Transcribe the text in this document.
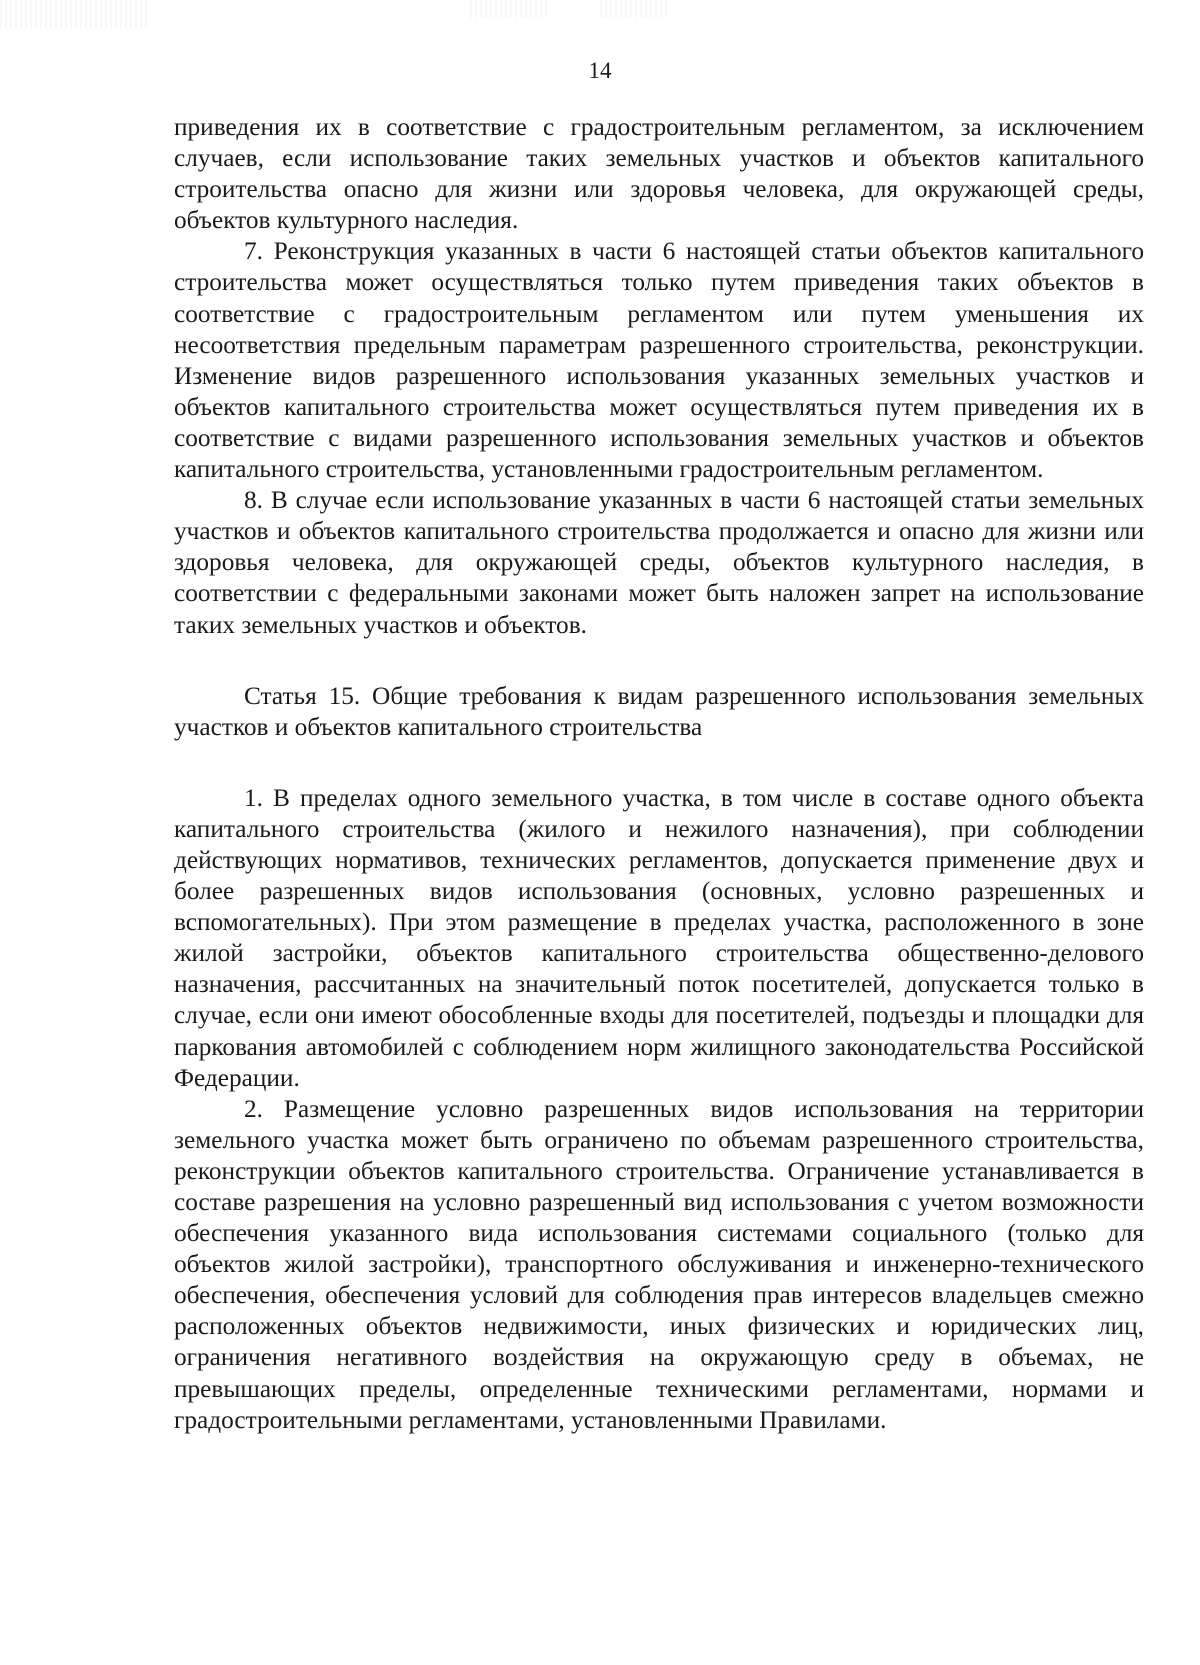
14

приведения их в соответствие с градостроительным регламентом, за исключением случаев, если использование таких земельных участков и объектов капитального строительства опасно для жизни или здоровья человека, для окружающей среды, объектов культурного наследия.

7. Реконструкция указанных в части 6 настоящей статьи объектов капитального строительства может осуществляться только путем приведения таких объектов в соответствие с градостроительным регламентом или путем уменьшения их несоответствия предельным параметрам разрешенного строительства, реконструкции. Изменение видов разрешенного использования указанных земельных участков и объектов капитального строительства может осуществляться путем приведения их в соответствие с видами разрешенного использования земельных участков и объектов капитального строительства, установленными градостроительным регламентом.

8. В случае если использование указанных в части 6 настоящей статьи земельных участков и объектов капитального строительства продолжается и опасно для жизни или здоровья человека, для окружающей среды, объектов культурного наследия, в соответствии с федеральными законами может быть наложен запрет на использование таких земельных участков и объектов.

Статья 15. Общие требования к видам разрешенного использования земельных участков и объектов капитального строительства

1. В пределах одного земельного участка, в том числе в составе одного объекта капитального строительства (жилого и нежилого назначения), при соблюдении действующих нормативов, технических регламентов, допускается применение двух и более разрешенных видов использования (основных, условно разрешенных и вспомогательных). При этом размещение в пределах участка, расположенного в зоне жилой застройки, объектов капитального строительства общественно-делового назначения, рассчитанных на значительный поток посетителей, допускается только в случае, если они имеют обособленные входы для посетителей, подъезды и площадки для паркования автомобилей с соблюдением норм жилищного законодательства Российской Федерации.

2. Размещение условно разрешенных видов использования на территории земельного участка может быть ограничено по объемам разрешенного строительства, реконструкции объектов капитального строительства. Ограничение устанавливается в составе разрешения на условно разрешенный вид использования с учетом возможности обеспечения указанного вида использования системами социального (только для объектов жилой застройки), транспортного обслуживания и инженерно-технического обеспечения, обеспечения условий для соблюдения прав интересов владельцев смежно расположенных объектов недвижимости, иных физических и юридических лиц, ограничения негативного воздействия на окружающую среду в объемах, не превышающих пределы, определенные техническими регламентами, нормами и градостроительными регламентами, установленными Правилами.
